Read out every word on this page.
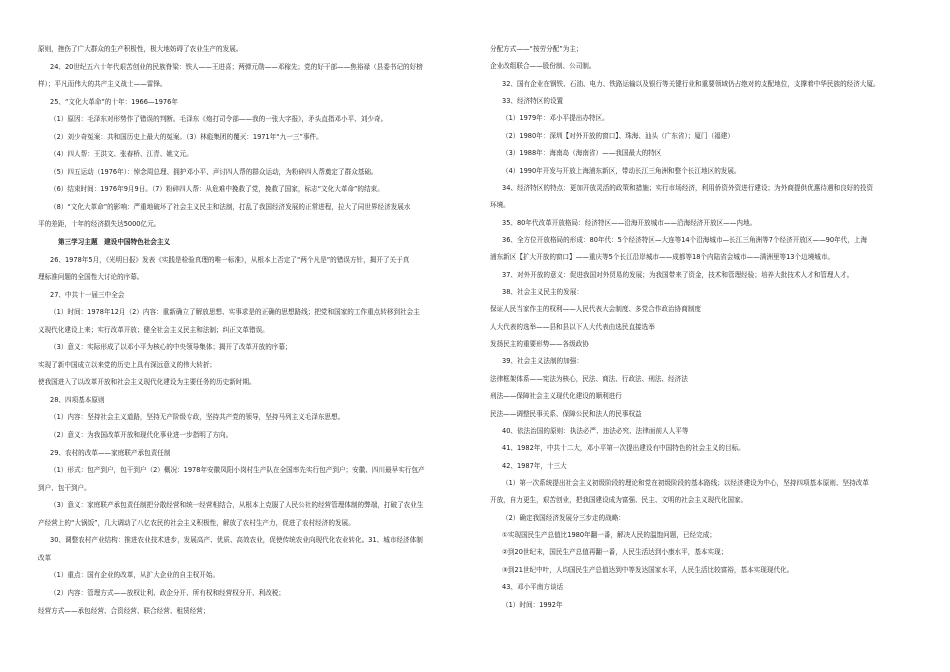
原则，挫伤了广大群众的生产积极性，极大地妨碍了农业生产的发展。
24、20世纪五六十年代艰苦创业的民族脊梁：铁人——王进喜；两弹元勋——邓稼先；党的好干部——焦裕禄（县委书记的好榜
样）；平凡而伟大的共产主义战士——雷锋。
25、“文化大革命”的十年：1966—1976年
（1）原因：毛泽东对形势作了错误的判断。毛泽东《炮打司令部——我的一张大字报》，矛头直指邓小平、刘少奇。
（2）刘少奇冤案：共和国历史上最大的冤案。（3）林彪集团的覆灭：1971年“九一三”事件。
（4）四人帮：王洪文、张春桥、江青、姚文元。
（5）四五运动（1976年）：悼念周总理、拥护邓小平、声讨四人帮的群众运动，为粉碎四人帮奠定了群众基础。
（6）结束时间：1976年9月9日。（7）粉碎四人帮：从危难中挽救了党，挽救了国家，标志“文化大革命”的结束。
（8）“文化大革命”的影响：严重地破坏了社会主义民主和法制，打乱了我国经济发展的正常进程，拉大了同世界经济发展水
平的差距，十年的经济损失达5000亿元。
第三学习主题　建设中国特色社会主义
26、1978年5月，《光明日报》发表《实践是检验真理的唯一标准》，从根本上否定了“两个凡是”的错误方针，揭开了关于真
理标准问题的全国性大讨论的序幕。
27、中共十一届三中全会
（1）时间：1978年12月（2）内容：重新确立了解放思想、实事求是的正确的思想路线；把党和国家的工作重点转移到社会主
义现代化建设上来；实行改革开放；健全社会主义民主和法制；纠正文革错误。
（3）意义：实际形成了以邓小平为核心的中央领导集体；揭开了改革开放的序幕；
实现了新中国成立以来党的历史上具有深远意义的伟大转折；
使我国进入了以改革开放和社会主义现代化建设为主要任务的历史新时期。
28、四项基本原则
（1）内容：坚持社会主义道路，坚持无产阶级专政，坚持共产党的领导，坚持马列主义毛泽东思想。
（2）意义：为我国改革开放和现代化事业进一步指明了方向。
29、农村的改革——家庭联产承包责任制
（1）形式：包产到户，包干到户（2）概况：1978年安徽凤阳小岗村生产队在全国率先实行包产到户；安徽、四川最早实行包产
到户、包干到户。
（3）意义：家庭联产承包责任制把分散经营和统一经营相结合，从根本上克服了人民公社的经营管理体制的弊端，打破了农业生
产经营上的“大锅饭”，几大调动了八亿农民的社会主义积极性，解放了农村生产力，促进了农村经济的发展。
30、调整农村产业结构：推进农业技术进步，发展高产、优质、高效农业，促使传统农业向现代化农业转化。31、城市经济体制
改革
（1）重点：国有企业的改革，从扩大企业的自主权开始。
（2）内容：管理方式——放权让利、政企分开、所有权和经营权分开、利改税；
经营方式——承包经营、合资经营、联合经营、租赁经营；
分配方式——“按劳分配”为主；
企业改组联合——股份制、公司制。
32、国有企业在钢铁、石油、电力、铁路运输以及银行等关键行业和重要领域仍占绝对的支配地位，支撑着中华民族的经济大厦。
33、经济特区的设置
（1）1979年：邓小平提出办特区。
（2）1980年：深圳【对外开放的窗口】、珠海、汕头（广东省）；厦门（福建）
（3）1988年：海南岛（海南省）——我国最大的特区
（4）1990年开发与开放上海浦东新区，带动长江三角洲和整个长江地区的发展。
34、经济特区的特点：更加开放灵活的政策和措施；实行市场经济，利用侨资外资进行建设；为外商提供优惠待遇和良好的投资
环境。
35、80年代改革开放格局：经济特区——沿海开放城市——沿海经济开放区——内地。
36、全方位开放格局的形成：80年代：5个经济特区—大连等14个沿海城市—长江三角洲等7个经济开放区——90年代，上海
浦东新区【扩大开放的窗口】——重庆等5个长江沿岸城市——成都等18个内陆省会城市——满洲里等13个边境城市。
37、对外开放的意义：促进我国对外贸易的发展；为我国带来了资金，技术和管理经验；培养大批技术人才和管理人才。
38、社会主义民主的发展：
保证人民当家作主的权利——人民代表大会制度、多党合作政治协商制度
人大代表的选举——县和县以下人大代表由选民直接选举
发扬民主的重要形势——各级政协
39、社会主义法制的加强：
法律框架体系——宪法为核心，民法、商法、行政法、刑法、经济法
刑法——保障社会主义现代化建设的顺利进行
民法——调整民事关系、保障公民和法人的民事权益
40、依法治国的原则：执法必严、违法必究、法律面前人人平等
41、1982年，中共十二大，邓小平第一次提出建设有中国特色的社会主义的目标。
42、1987年，十三大
（1）第一次系统提出社会主义初级阶段的理论和党在初级阶段的基本路线；以经济建设为中心，坚持四项基本原则、坚持改革
开放，自力更生，艰苦创业，把我国建设成为富强、民主、文明的社会主义现代化国家。
（2）确定我国经济发展分三步走的战略：
①实现国民生产总值比1980年翻一番，解决人民的温饱问题，已经完成；
②到20世纪末，国民生产总值再翻一番，人民生活达到小康水平，基本实现；
③到21世纪中叶，人均国民生产总值达到中等发达国家水平，人民生活比较富裕，基本实现现代化。
43、邓小平南方谈话
（1）时间：1992年
